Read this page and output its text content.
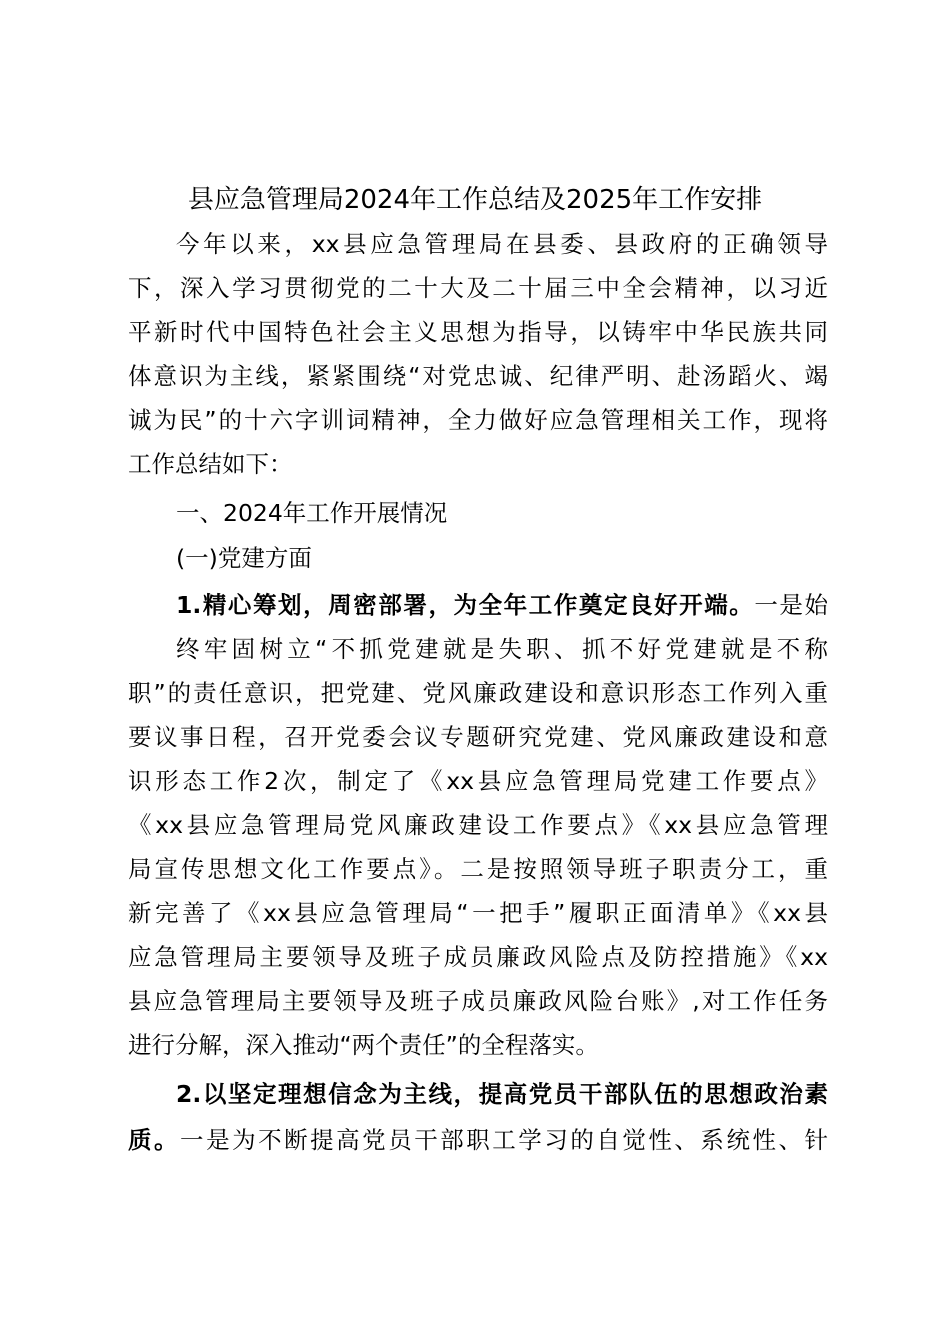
县应急管理局2024年工作总结及2025年工作安排
今年以来，xx县应急管理局在县委、县政府的正确领导
下，深入学习贯彻党的二十大及二十届三中全会精神，以习近
平新时代中国特色社会主义思想为指导，以铸牢中华民族共同
体意识为主线，紧紧围绕“对党忠诚、纪律严明、赴汤蹈火、竭
诚为民”的十六字训词精神，全力做好应急管理相关工作，现将
工作总结如下：
一、2024年工作开展情况
(一)党建方面
1.精心筹划，周密部署，为全年工作奠定良好开端。一是始
终牢固树立“不抓党建就是失职、抓不好党建就是不称
职”的责任意识，把党建、党风廉政建设和意识形态工作列入重
要议事日程，召开党委会议专题研究党建、党风廉政建设和意
识形态工作2次，制定了《xx县应急管理局党建工作要点》
《xx县应急管理局党风廉政建设工作要点》《xx县应急管理
局宣传思想文化工作要点》。二是按照领导班子职责分工，重
新完善了《xx县应急管理局“一把手”履职正面清单》《xx县
应急管理局主要领导及班子成员廉政风险点及防控措施》《xx
县应急管理局主要领导及班子成员廉政风险台账》,对工作任务
进行分解，深入推动“两个责任”的全程落实。
2.以坚定理想信念为主线，提高党员干部队伍的思想政治素
质。一是为不断提高党员干部职工学习的自觉性、系统性、针
